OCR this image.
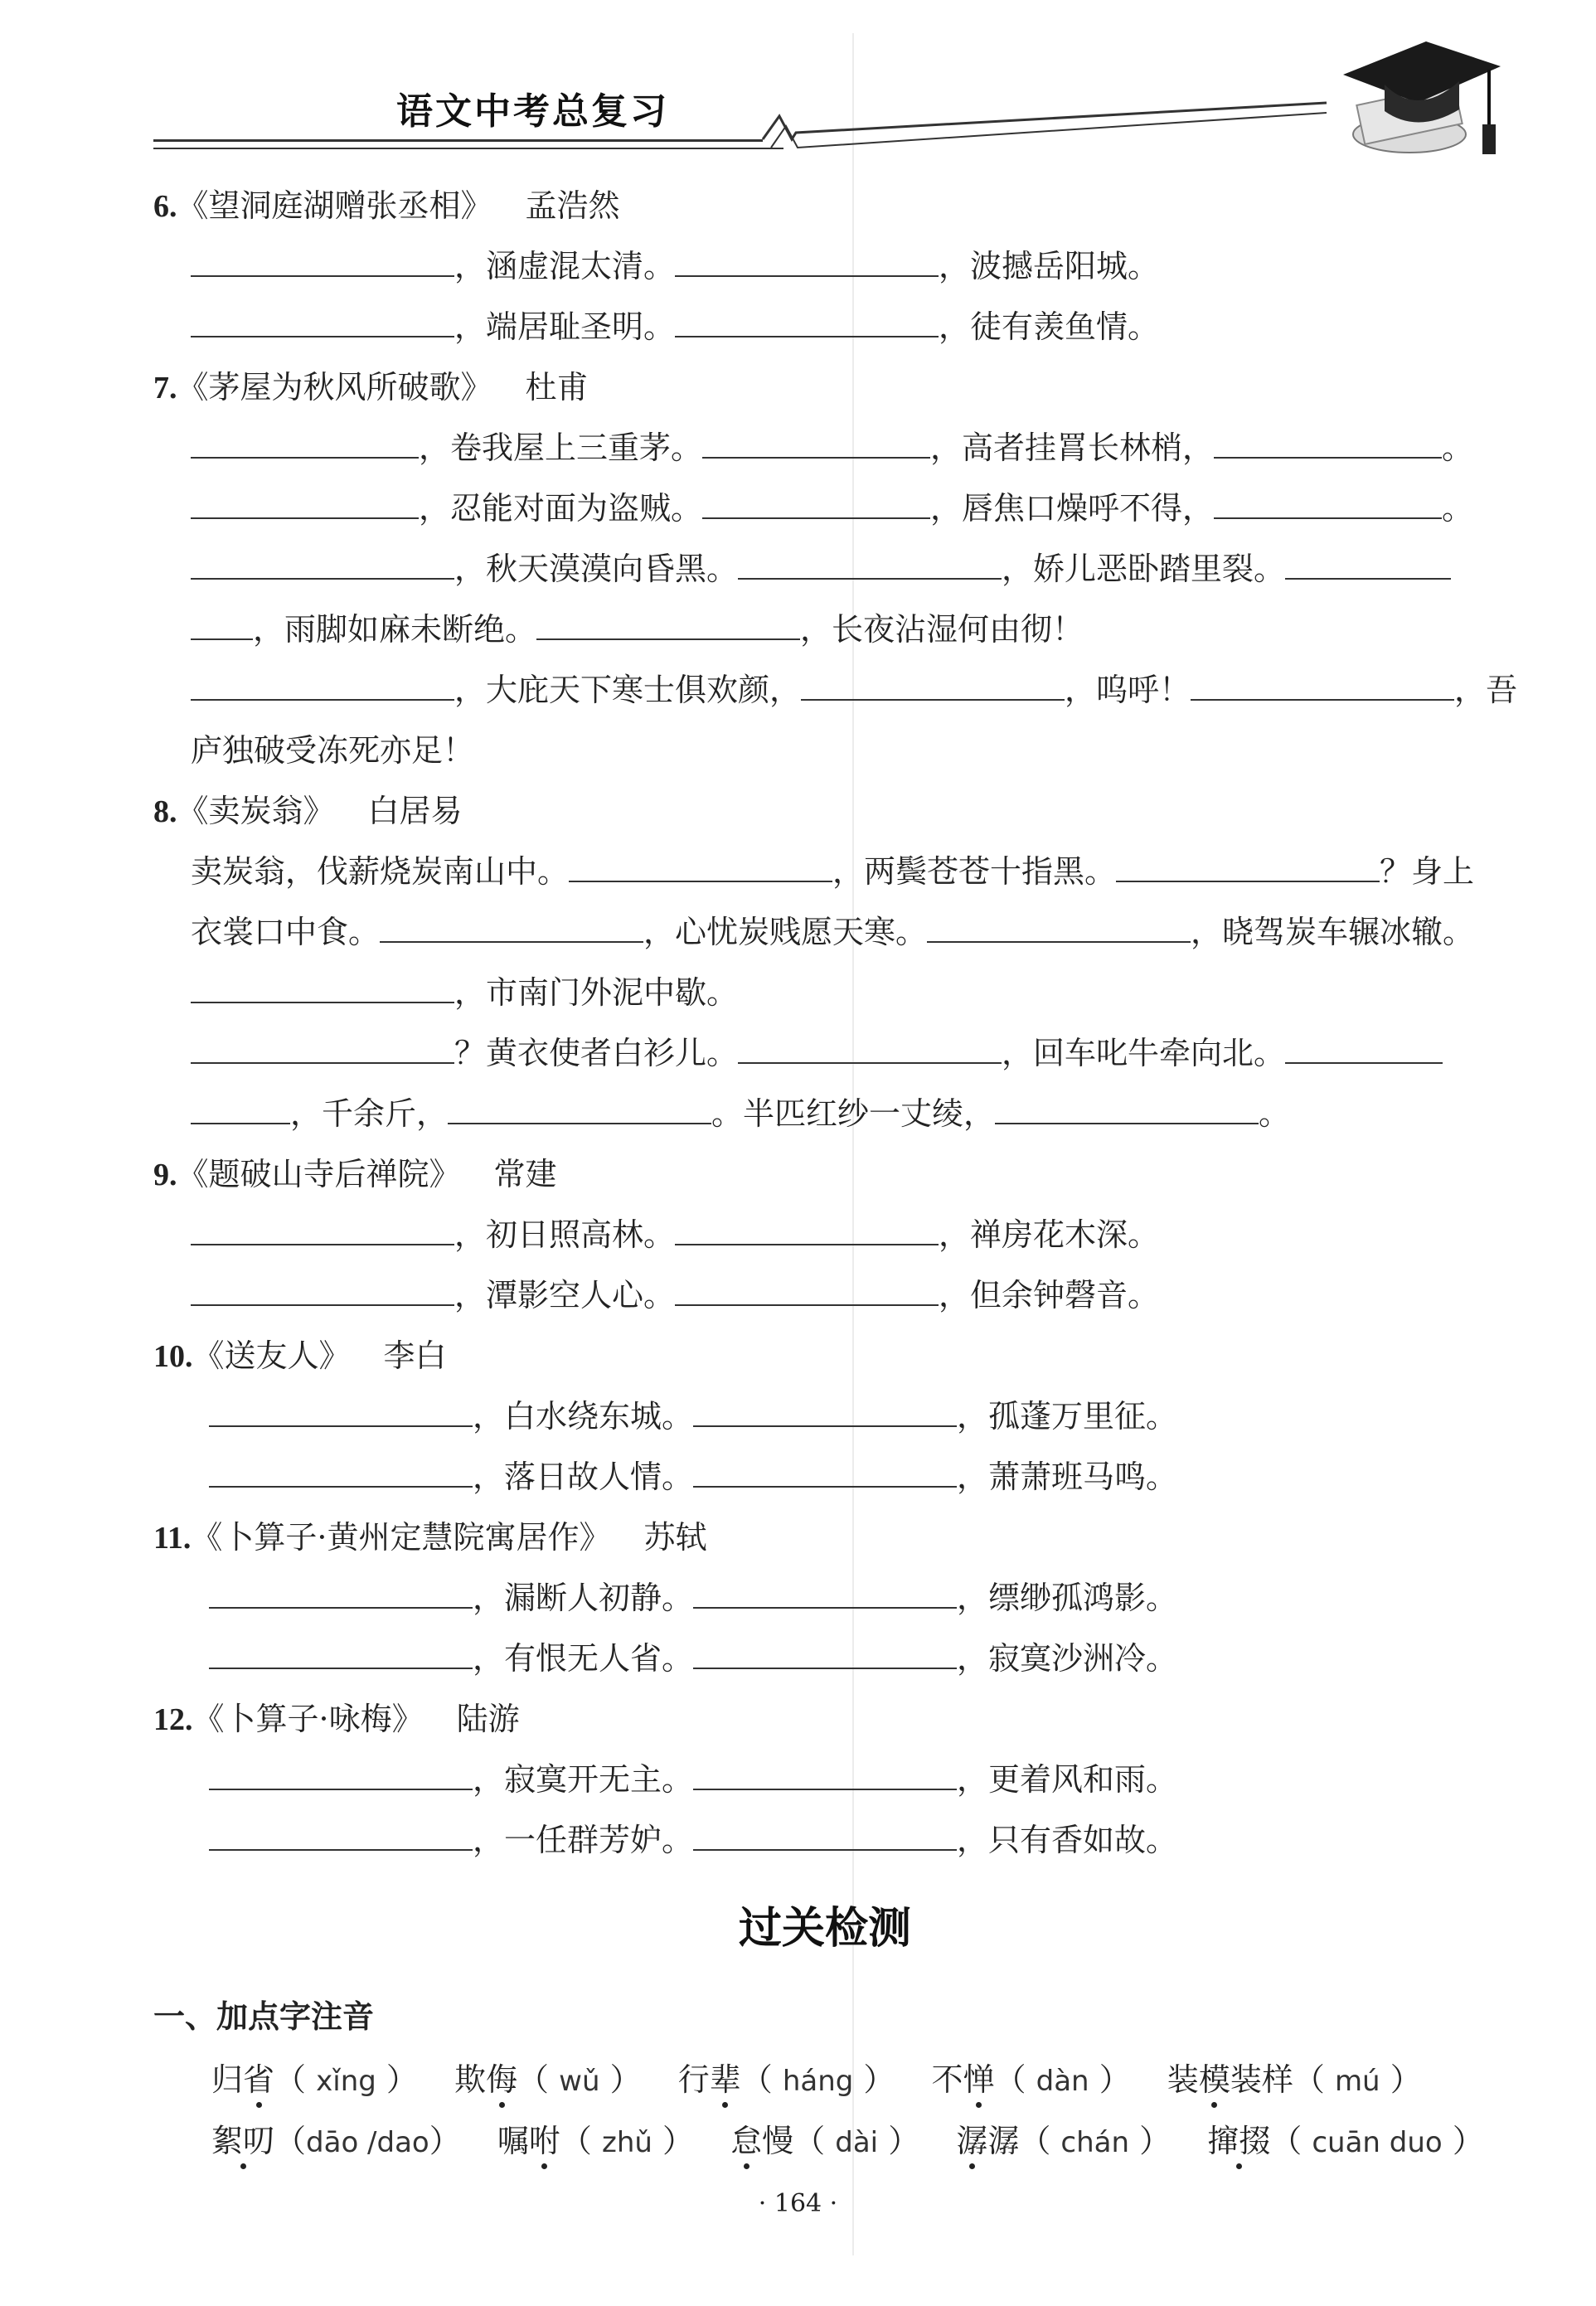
语文中考总复习
6.《望洞庭湖赠张丞相》 孟浩然
，涵虚混太清。	，波撼岳阳城。
，端居耻圣明。	，徒有羡鱼情。
7.《茅屋为秋风所破歌》 杜甫
，卷我屋上三重茅。	，高者挂罥长林梢，	。
，忍能对面为盗贼。	，唇焦口燥呼不得，	。
，秋天漠漠向昏黑。	，娇儿恶卧踏里裂。
，雨脚如麻未断绝。	，长夜沾湿何由彻！
，大庇天下寒士俱欢颜，	，呜呼！	，吾
庐独破受冻死亦足！
8.《卖炭翁》 白居易
卖炭翁，伐薪烧炭南山中。	，两鬓苍苍十指黑。	？身上
衣裳口中食。	，心忧炭贱愿天寒。	，晓驾炭车辗冰辙。
，市南门外泥中歇。
？黄衣使者白衫儿。	，回车叱牛牵向北。
，千余斤，	。半匹红纱一丈绫，	。
9.《题破山寺后禅院》 常建
，初日照高林。	，禅房花木深。
，潭影空人心。	，但余钟磬音。
10.《送友人》 李白
，白水绕东城。	，孤蓬万里征。
，落日故人情。	，萧萧班马鸣。
11.《卜算子·黄州定慧院寓居作》 苏轼
，漏断人初静。	，缥缈孤鸿影。
，有恨无人省。	，寂寞沙洲冷。
12.《卜算子·咏梅》 陆游
，寂寞开无主。	，更着风和雨。
，一任群芳妒。	，只有香如故。
过关检测
一、加点字注音
归省（ xǐng ） 欺侮（ wǔ ） 行辈（ háng ） 不惮（ dàn ） 装模装样（ mú ）
絮叨（dāo /dao） 嘱咐（ zhǔ ） 怠慢（ dài ） 潺潺（ chán ） 撺掇（ cuān duo ）
· 164 ·
